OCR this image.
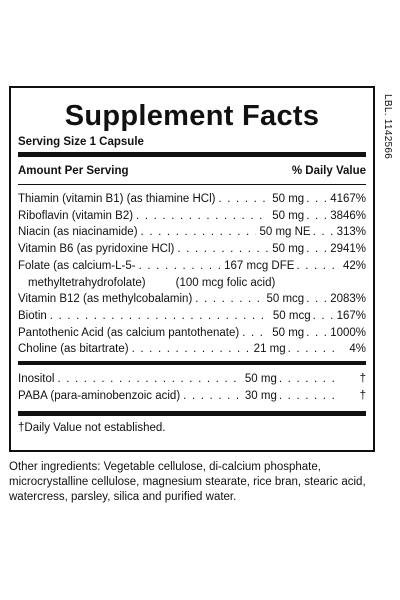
Supplement Facts
Serving Size 1 Capsule
Amount Per Serving	% Daily Value
Thiamin (vitamin B1) (as thiamine HCl) . . .	50 mg . . . 4167%
Riboflavin (vitamin B2) . . .	50 mg . . . 3846%
Niacin (as niacinamide) . . .	50 mg NE . . . 313%
Vitamin B6 (as pyridoxine HCl) . . .	50 mg . . . 2941%
Folate (as calcium-L-5- . . .	167 mcg DFE . . . . . 42%
methyltetrahydrofolate)	(100 mcg folic acid)
Vitamin B12 (as methylcobalamin) . . .	50 mcg . . . 2083%
Biotin . . .	50 mcg . . . 167%
Pantothenic Acid (as calcium pantothenate) . . .	50 mg . . . 1000%
Choline (as bitartrate) . . .	21 mg . . . . . .	4%
Inositol . . .	50 mg . . . . . . .	†
PABA (para-aminobenzoic acid) . . .	30 mg . . . . . . .	†
†Daily Value not established.
LBL. 1142566
Other ingredients: Vegetable cellulose, di-calcium phosphate, microcrystalline cellulose, magnesium stearate, rice bran, stearic acid, watercress, parsley, silica and purified water.
